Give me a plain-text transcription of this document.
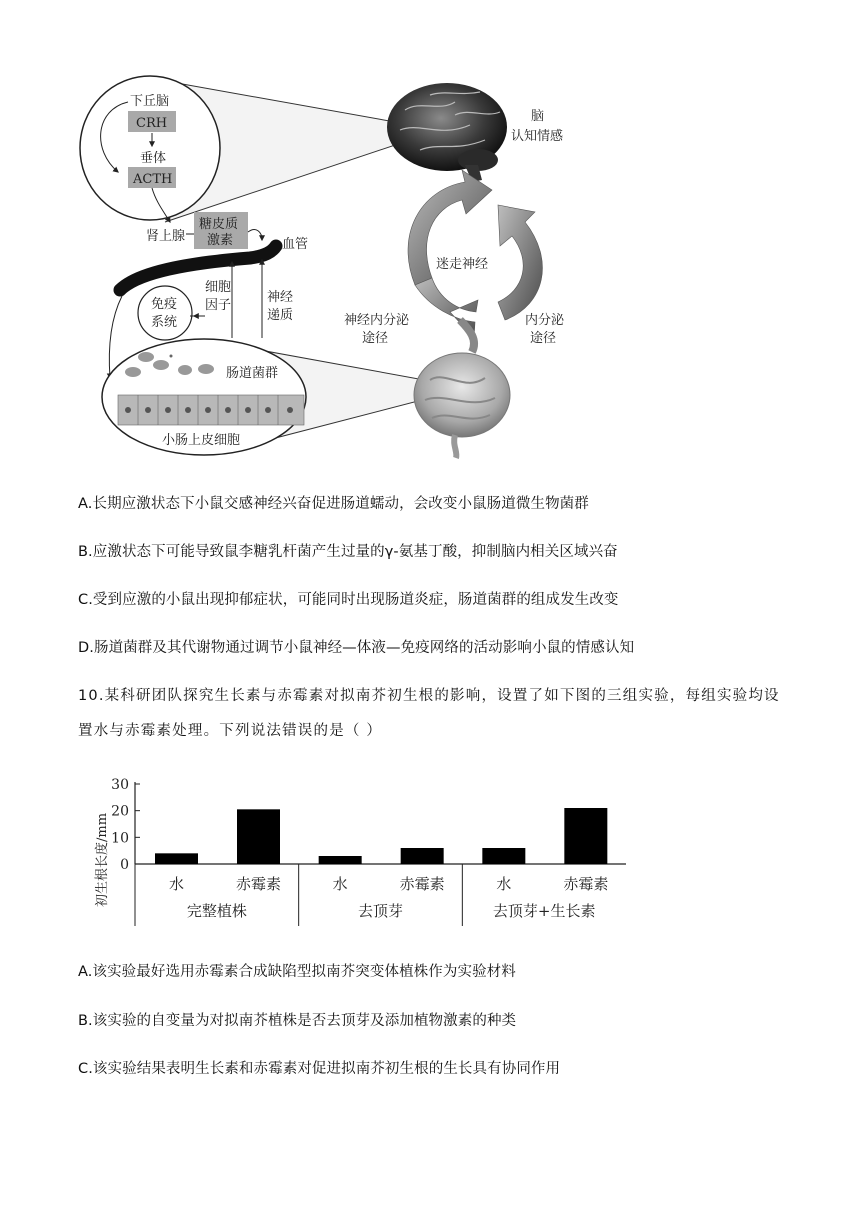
下丘脑
CRH
垂体
ACTH
肾上腺
糖皮质
激素	血管
细胞
因子
神经
递质
免疫
系统
肠道菌群
小肠上皮细胞
脑
认知情感
迷走神经
神经内分泌
途径
内分泌
途径
A.长期应激状态下小鼠交感神经兴奋促进肠道蠕动，会改变小鼠肠道微生物菌群
B.应激状态下可能导致鼠李糖乳杆菌产生过量的γ-氨基丁酸，抑制脑内相关区域兴奋
C.受到应激的小鼠出现抑郁症状，可能同时出现肠道炎症，肠道菌群的组成发生改变
D.肠道菌群及其代谢物通过调节小鼠神经—体液—免疫网络的活动影响小鼠的情感认知
10.某科研团队探究生长素与赤霉素对拟南芥初生根的影响，设置了如下图的三组实验，每组实验均设
置水与赤霉素处理。下列说法错误的是（ ）
0
10
20
30
初生根长度/mm	水	赤霉素
完整植株
水	赤霉素
去顶芽
水	赤霉素
去顶芽+生长素
A.该实验最好选用赤霉素合成缺陷型拟南芥突变体植株作为实验材料
B.该实验的自变量为对拟南芥植株是否去顶芽及添加植物激素的种类
C.该实验结果表明生长素和赤霉素对促进拟南芥初生根的生长具有协同作用
